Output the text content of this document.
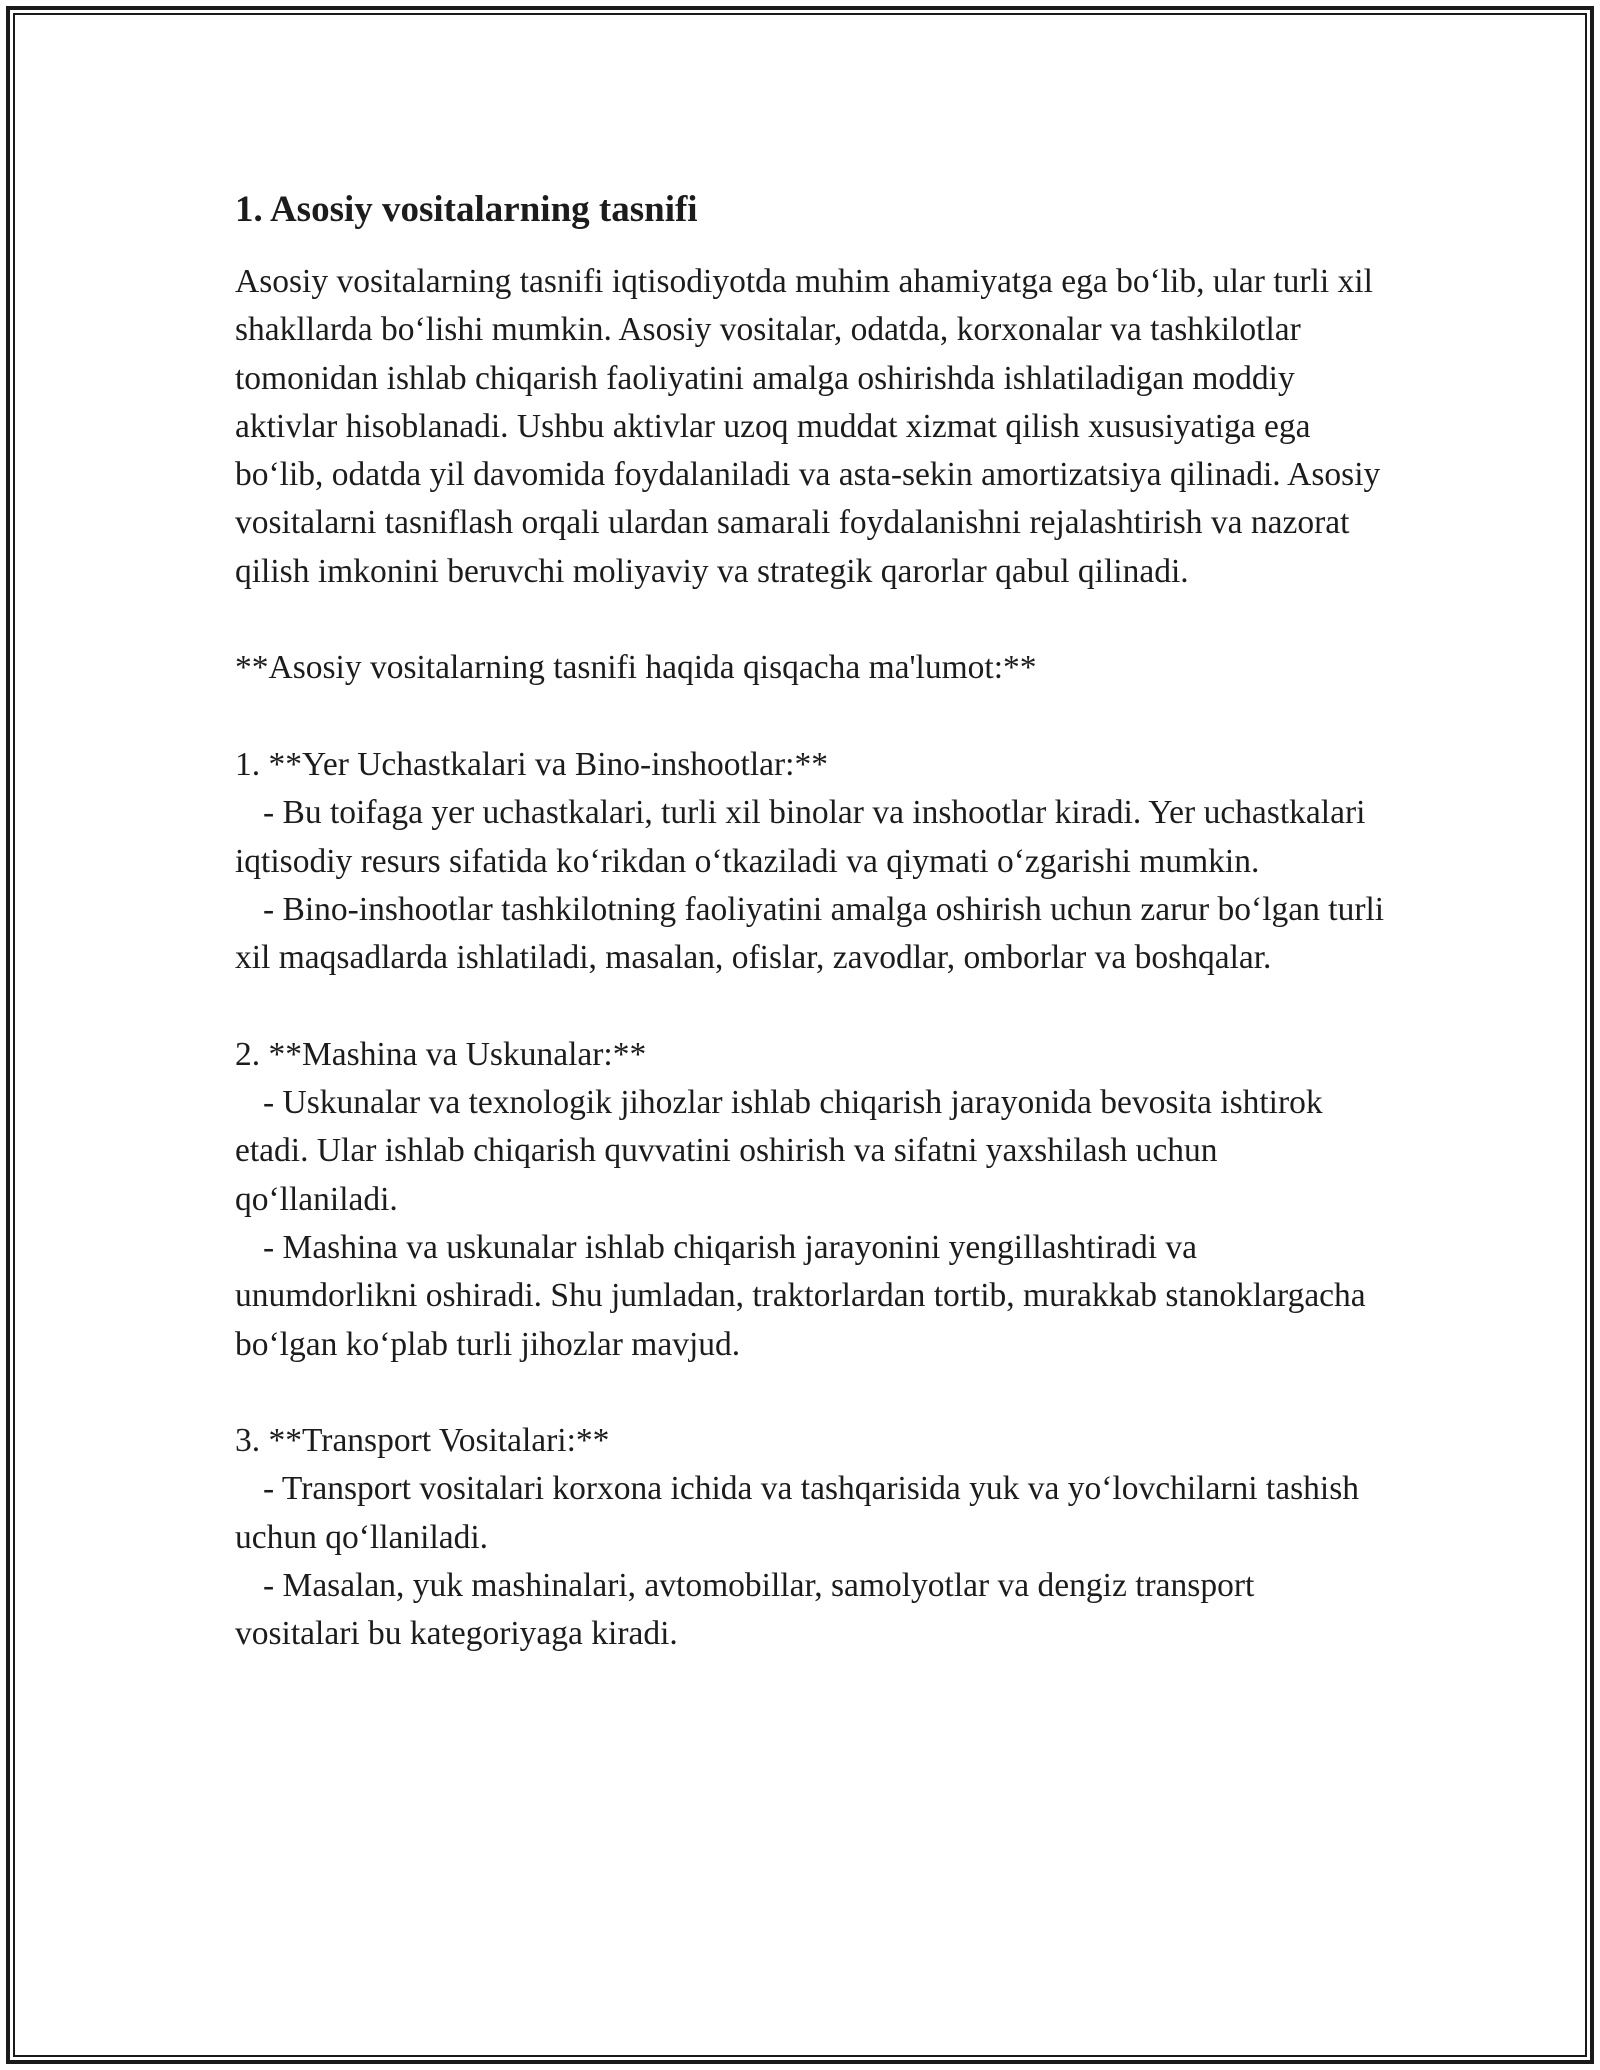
1. Asosiy vositalarning tasnifi

Asosiy vositalarning tasnifi iqtisodiyotda muhim ahamiyatga ega boʻlib, ular turli xil shakllarda boʻlishi mumkin. Asosiy vositalar, odatda, korxonalar va tashkilotlar tomonidan ishlab chiqarish faoliyatini amalga oshirishda ishlatiladigan moddiy aktivlar hisoblanadi. Ushbu aktivlar uzoq muddat xizmat qilish xususiyatiga ega boʻlib, odatda yil davomida foydalaniladi va asta-sekin amortizatsiya qilinadi. Asosiy vositalarni tasniflash orqali ulardan samarali foydalanishni rejalashtirish va nazorat qilish imkonini beruvchi moliyaviy va strategik qarorlar qabul qilinadi.

**Asosiy vositalarning tasnifi haqida qisqacha ma'lumot:**

1. **Yer Uchastkalari va Bino-inshootlar:**

- Bu toifaga yer uchastkalari, turli xil binolar va inshootlar kiradi. Yer uchastkalari iqtisodiy resurs sifatida koʻrikdan oʻtkaziladi va qiymati oʻzgarishi mumkin.

- Bino-inshootlar tashkilotning faoliyatini amalga oshirish uchun zarur boʻlgan turli xil maqsadlarda ishlatiladi, masalan, ofislar, zavodlar, omborlar va boshqalar.

2. **Mashina va Uskunalar:**

- Uskunalar va texnologik jihozlar ishlab chiqarish jarayonida bevosita ishtirok etadi. Ular ishlab chiqarish quvvatini oshirish va sifatni yaxshilash uchun qoʻllaniladi.

- Mashina va uskunalar ishlab chiqarish jarayonini yengillashtiradi va unumdorlikni oshiradi. Shu jumladan, traktorlardan tortib, murakkab stanoklargacha boʻlgan koʻplab turli jihozlar mavjud.

3. **Transport Vositalari:**

- Transport vositalari korxona ichida va tashqarisida yuk va yoʻlovchilarni tashish uchun qoʻllaniladi.

- Masalan, yuk mashinalari, avtomobillar, samolyotlar va dengiz transport vositalari bu kategoriyaga kiradi.
